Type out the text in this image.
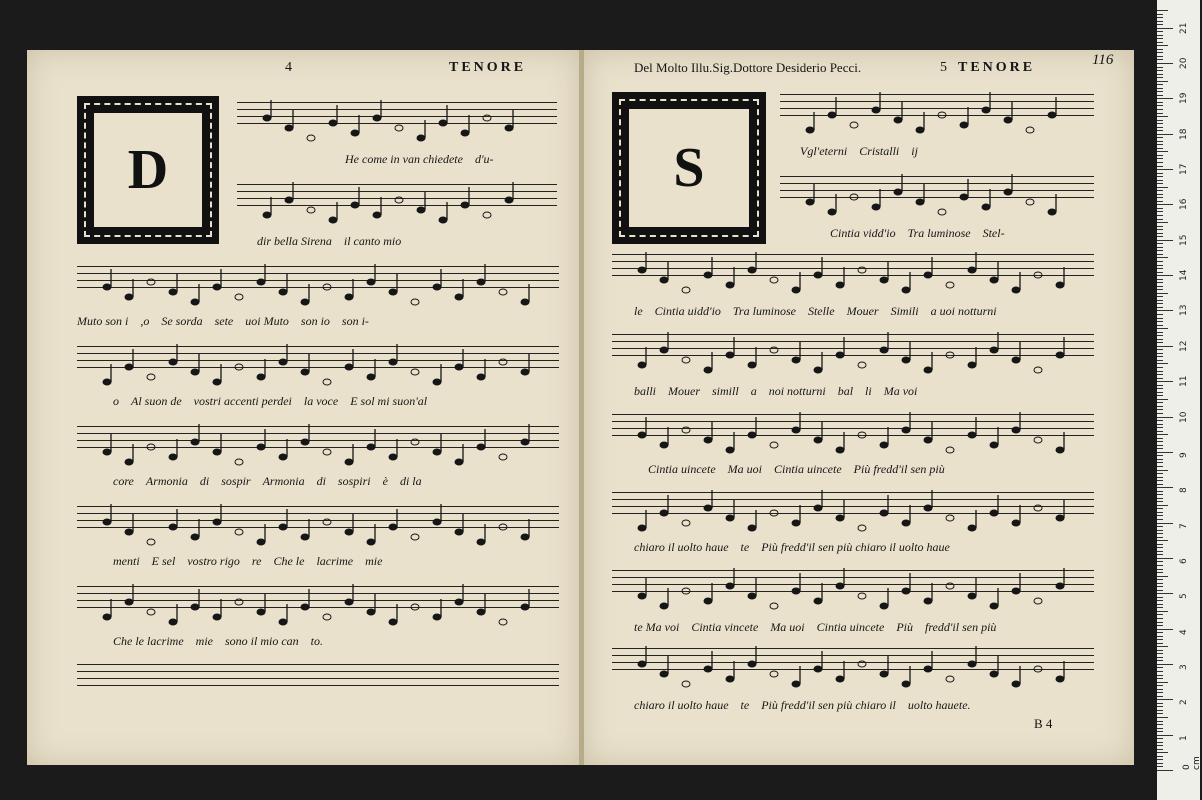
4	TENORE
D	He come in van chiedete d'u-
dir bella Sirena il canto mio
Muto son i ,o Se sorda sete uoi Muto son io son i-
o Al suon de vostri accenti perdei la voce E sol mi suon'al
core Armonia di sospir Armonia di sospiri è di la
menti E sel vostro rigo re Che le lacrime mie
Che le lacrime mie sono il mio can to.
Del Molto Illu.Sig.Dottore Desiderio Pecci.	5 TENORE	116
S	Vgl'eterni Cristalli ij
Cintia vidd'io Tra luminose Stel-
le Cintia uidd'io Tra luminose Stelle Mouer Simili a uoi notturni
balli Mouer simill a noi notturni bal li Ma voi
Cintia uincete Ma uoi Cintia uincete Più fredd'il sen più
chiaro il uolto haue te Più fredd'il sen più chiaro il uolto haue
te Ma voi Cintia vincete Ma uoi Cintia uincete Più fredd'il sen più
chiaro il uolto haue te Più fredd'il sen più chiaro il uolto hauete.
B 4
0 cm
1
2
3
4
5
6
7
8
9
10
11
12
13
14
15
16
17
18
19
20
21
